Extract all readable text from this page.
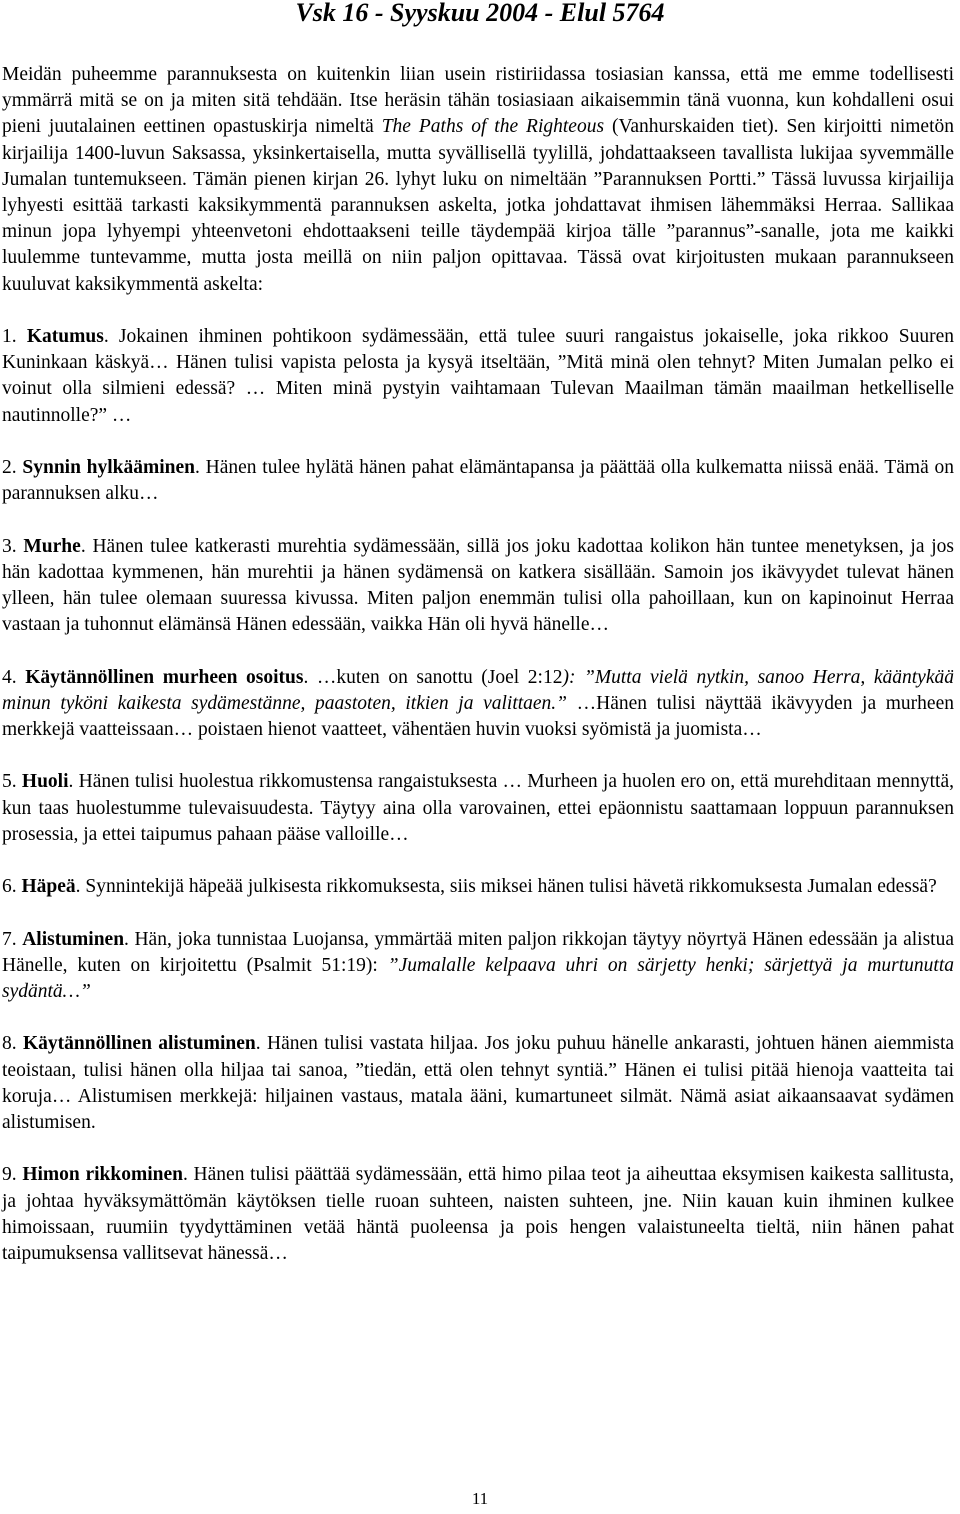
Vsk 16 - Syyskuu 2004 - Elul 5764

Meidän puheemme parannuksesta on kuitenkin liian usein ristiriidassa tosiasian kanssa, että me emme todellisesti ymmärrä mitä se on ja miten sitä tehdään. Itse heräsin tähän tosiasiaan aikaisemmin tänä vuonna, kun kohdalleni osui pieni juutalainen eettinen opastuskirja nimeltä The Paths of the Righteous (Vanhurskaiden tiet). Sen kirjoitti nimetön kirjailija 1400-luvun Saksassa, yksinkertaisella, mutta syvällisellä tyylillä, johdattaakseen tavallista lukijaa syvemmälle Jumalan tuntemukseen. Tämän pienen kirjan 26. lyhyt luku on nimeltään ”Parannuksen Portti.” Tässä luvussa kirjailija lyhyesti esittää tarkasti kaksikymmentä parannuksen askelta, jotka johdattavat ihmisen lähemmäksi Herraa. Sallikaa minun jopa lyhyempi yhteenvetoni ehdottaakseni teille täydempää kirjoa tälle ”parannus”-sanalle, jota me kaikki luulemme tuntevamme, mutta josta meillä on niin paljon opittavaa. Tässä ovat kirjoitusten mukaan parannukseen kuuluvat kaksikymmentä askelta:

1. Katumus. Jokainen ihminen pohtikoon sydämessään, että tulee suuri rangaistus jokaiselle, joka rikkoo Suuren Kuninkaan käskyä… Hänen tulisi vapista pelosta ja kysyä itseltään, ”Mitä minä olen tehnyt? Miten Jumalan pelko ei voinut olla silmieni edessä? … Miten minä pystyin vaihtamaan Tulevan Maailman tämän maailman hetkelliselle nautinnolle?” …

2. Synnin hylkääminen. Hänen tulee hylätä hänen pahat elämäntapansa ja päättää olla kulkematta niissä enää. Tämä on parannuksen alku…

3. Murhe. Hänen tulee katkerasti murehtia sydämessään, sillä jos joku kadottaa kolikon hän tuntee menetyksen, ja jos hän kadottaa kymmenen, hän murehtii ja hänen sydämensä on katkera sisällään. Samoin jos ikävyydet tulevat hänen ylleen, hän tulee olemaan suuressa kivussa. Miten paljon enemmän tulisi olla pahoillaan, kun on kapinoinut Herraa vastaan ja tuhonnut elämänsä Hänen edessään, vaikka Hän oli hyvä hänelle…

4. Käytännöllinen murheen osoitus. …kuten on sanottu (Joel 2:12): ”Mutta vielä nytkin, sanoo Herra, kääntykää minun tyköni kaikesta sydämestänne, paastoten, itkien ja valittaen.” …Hänen tulisi näyttää ikävyyden ja murheen merkkejä vaatteissaan… poistaen hienot vaatteet, vähentäen huvin vuoksi syömistä ja juomista…

5. Huoli. Hänen tulisi huolestua rikkomustensa rangaistuksesta … Murheen ja huolen ero on, että murehditaan mennyttä, kun taas huolestumme tulevaisuudesta. Täytyy aina olla varovainen, ettei epäonnistu saattamaan loppuun parannuksen prosessia, ja ettei taipumus pahaan pääse valloille…

6. Häpeä. Synnintekijä häpeää julkisesta rikkomuksesta, siis miksei hänen tulisi hävetä rikkomuksesta Jumalan edessä?

7. Alistuminen. Hän, joka tunnistaa Luojansa, ymmärtää miten paljon rikkojan täytyy nöyrtyä Hänen edessään ja alistua Hänelle, kuten on kirjoitettu (Psalmit 51:19): ”Jumalalle kelpaava uhri on särjetty henki; särjettyä ja murtunutta sydäntä…”

8. Käytännöllinen alistuminen. Hänen tulisi vastata hiljaa. Jos joku puhuu hänelle ankarasti, johtuen hänen aiemmista teoistaan, tulisi hänen olla hiljaa tai sanoa, ”tiedän, että olen tehnyt syntiä.” Hänen ei tulisi pitää hienoja vaatteita tai koruja… Alistumisen merkkejä: hiljainen vastaus, matala ääni, kumartuneet silmät. Nämä asiat aikaansaavat sydämen alistumisen.

9. Himon rikkominen. Hänen tulisi päättää sydämessään, että himo pilaa teot ja aiheuttaa eksymisen kaikesta sallitusta, ja johtaa hyväksymättömän käytöksen tielle ruoan suhteen, naisten suhteen, jne. Niin kauan kuin ihminen kulkee himoissaan, ruumiin tyydyttäminen vetää häntä puoleensa ja pois hengen valaistuneelta tieltä, niin hänen pahat taipumuksensa vallitsevat hänessä…

11
